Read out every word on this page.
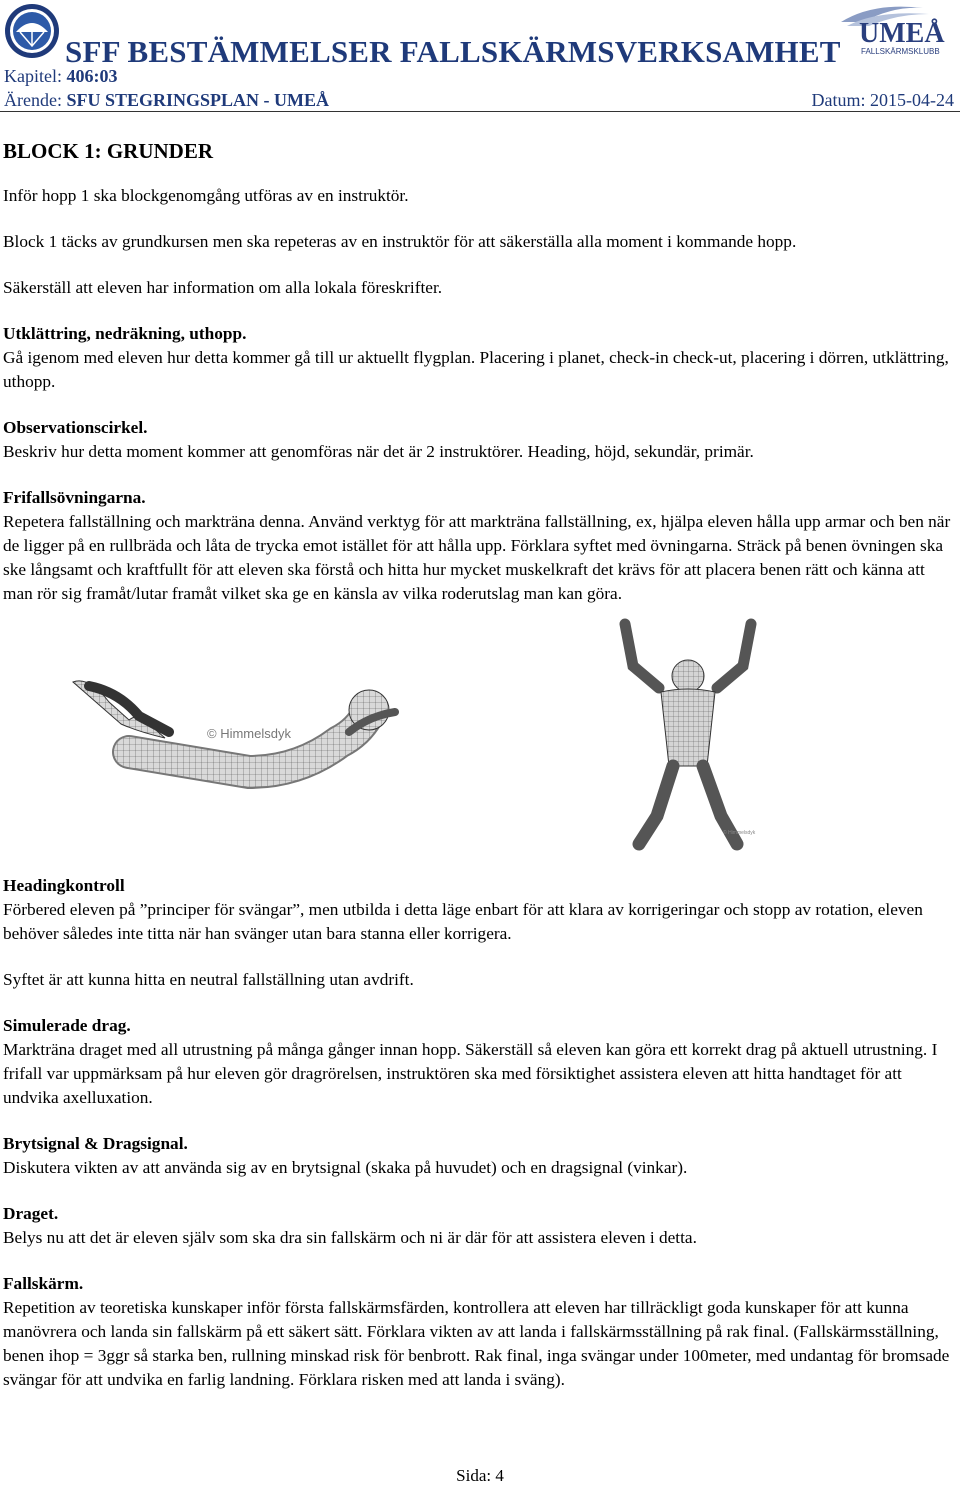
SFF BESTÄMMELSER FALLSKÄRMSVERKSAMHET
UMEÅ
FALLSKÄRMSKLUBB
Kapitel: 406:03
Ärende: SFU STEGRINGSPLAN - UMEÅ	Datum: 2015-04-24
BLOCK 1: GRUNDER

Inför hopp 1 ska blockgenomgång utföras av en instruktör.

Block 1 täcks av grundkursen men ska repeteras av en instruktör för att säkerställa alla moment i kommande hopp.

Säkerställ att eleven har information om alla lokala föreskrifter.

Utklättring, nedräkning, uthopp.
Gå igenom med eleven hur detta kommer gå till ur aktuellt flygplan. Placering i planet, check-in check-ut, placering i dörren, utklättring, uthopp.

Observationscirkel.
Beskriv hur detta moment kommer att genomföras när det är 2 instruktörer. Heading, höjd, sekundär, primär.

Frifallsövningarna.
Repetera fallställning och markträna denna. Använd verktyg för att markträna fallställning, ex, hjälpa eleven hålla upp armar och ben när de ligger på en rullbräda och låta de trycka emot istället för att hålla upp. Förklara syftet med övningarna. Sträck på benen övningen ska ske långsamt och kraftfullt för att eleven ska förstå och hitta hur mycket muskelkraft det krävs för att placera benen rätt och känna att man rör sig framåt/lutar framåt vilket ska ge en känsla av vilka roderutslag man kan göra.

© Himmelsdyk
© Himmelsdyk

Headingkontroll
Förbered eleven på ”principer för svängar”, men utbilda i detta läge enbart för att klara av korrigeringar och stopp av rotation, eleven behöver således inte titta när han svänger utan bara stanna eller korrigera.

Syftet är att kunna hitta en neutral fallställning utan avdrift.

Simulerade drag.
Markträna draget med all utrustning på många gånger innan hopp. Säkerställ så eleven kan göra ett korrekt drag på aktuell utrustning. I frifall var uppmärksam på hur eleven gör dragrörelsen, instruktören ska med försiktighet assistera eleven att hitta handtaget för att undvika axelluxation.

Brytsignal & Dragsignal.
Diskutera vikten av att använda sig av en brytsignal (skaka på huvudet) och en dragsignal (vinkar).

Draget.
Belys nu att det är eleven själv som ska dra sin fallskärm och ni är där för att assistera eleven i detta.

Fallskärm.
Repetition av teoretiska kunskaper inför första fallskärmsfärden, kontrollera att eleven har tillräckligt goda kunskaper för att kunna manövrera och landa sin fallskärm på ett säkert sätt. Förklara vikten av att landa i fallskärmsställning på rak final. (Fallskärmsställning, benen ihop = 3ggr så starka ben, rullning minskad risk för benbrott. Rak final, inga svängar under 100meter, med undantag för bromsade svängar för att undvika en farlig landning. Förklara risken med att landa i sväng).

Sida: 4
